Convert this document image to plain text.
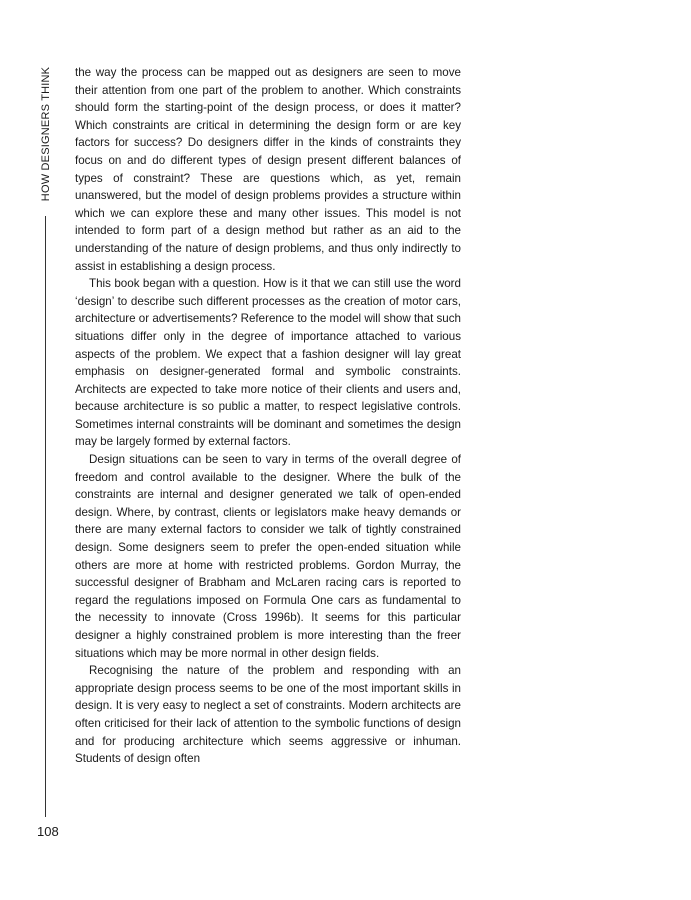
HOW DESIGNERS THINK
108

the way the process can be mapped out as designers are seen to move their attention from one part of the problem to another. Which constraints should form the starting-point of the design process, or does it matter? Which constraints are critical in determining the design form or are key factors for success? Do designers differ in the kinds of constraints they focus on and do different types of design present different balances of types of constraint? These are questions which, as yet, remain unanswered, but the model of design problems provides a structure within which we can explore these and many other issues. This model is not intended to form part of a design method but rather as an aid to the understanding of the nature of design problems, and thus only indirectly to assist in establishing a design process.

This book began with a question. How is it that we can still use the word ‘design’ to describe such different processes as the creation of motor cars, architecture or advertisements? Reference to the model will show that such situations differ only in the degree of importance attached to various aspects of the problem. We expect that a fashion designer will lay great emphasis on designer-generated formal and symbolic constraints. Architects are expected to take more notice of their clients and users and, because architecture is so public a matter, to respect legislative controls. Sometimes internal constraints will be dominant and sometimes the design may be largely formed by external factors.

Design situations can be seen to vary in terms of the overall degree of freedom and control available to the designer. Where the bulk of the constraints are internal and designer generated we talk of open-ended design. Where, by contrast, clients or legislators make heavy demands or there are many external factors to consider we talk of tightly constrained design. Some designers seem to prefer the open-ended situation while others are more at home with restricted problems. Gordon Murray, the successful designer of Brabham and McLaren racing cars is reported to regard the regulations imposed on Formula One cars as fundamental to the necessity to innovate (Cross 1996b). It seems for this particular designer a highly constrained problem is more interesting than the freer situations which may be more normal in other design fields.

Recognising the nature of the problem and responding with an appropriate design process seems to be one of the most important skills in design. It is very easy to neglect a set of constraints. Modern architects are often criticised for their lack of attention to the symbolic functions of design and for producing architecture which seems aggressive or inhuman. Students of design often
